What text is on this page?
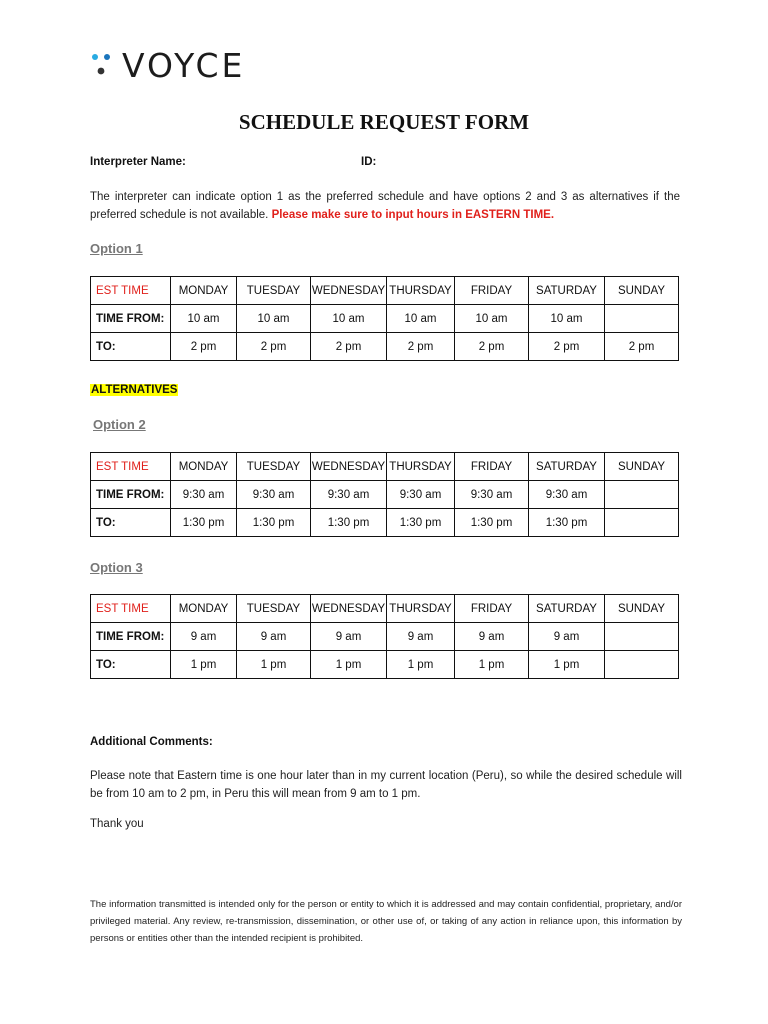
VOYCE
SCHEDULE REQUEST FORM
Interpreter Name:	ID:
The interpreter can indicate option 1 as the preferred schedule and have options 2 and 3 as alternatives if the preferred schedule is not available. Please make sure to input hours in EASTERN TIME.
Option 1
EST TIME	MONDAY	TUESDAY	WEDNESDAY	THURSDAY	FRIDAY	SATURDAY	SUNDAY
TIME FROM:	10 am	10 am	10 am	10 am	10 am	10 am	
TO:	2 pm	2 pm	2 pm	2 pm	2 pm	2 pm	2 pm
ALTERNATIVES
Option 2
EST TIME	MONDAY	TUESDAY	WEDNESDAY	THURSDAY	FRIDAY	SATURDAY	SUNDAY
TIME FROM:	9:30 am	9:30 am	9:30 am	9:30 am	9:30 am	9:30 am	
TO:	1:30 pm	1:30 pm	1:30 pm	1:30 pm	1:30 pm	1:30 pm	
Option 3
EST TIME	MONDAY	TUESDAY	WEDNESDAY	THURSDAY	FRIDAY	SATURDAY	SUNDAY
TIME FROM:	9 am	9 am	9 am	9 am	9 am	9 am	
TO:	1 pm	1 pm	1 pm	1 pm	1 pm	1 pm	
Additional Comments:
Please note that Eastern time is one hour later than in my current location (Peru), so while the desired schedule will be from 10 am to 2 pm, in Peru this will mean from 9 am to 1 pm.
Thank you
The information transmitted is intended only for the person or entity to which it is addressed and may contain confidential, proprietary, and/or privileged material. Any review, re-transmission, dissemination, or other use of, or taking of any action in reliance upon, this information by persons or entities other than the intended recipient is prohibited.
